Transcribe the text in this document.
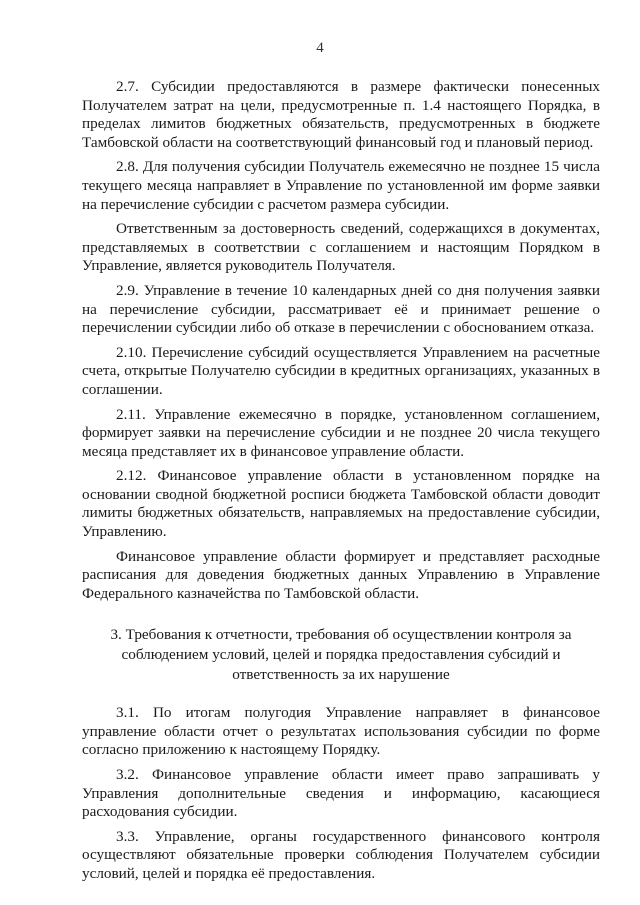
4

2.7. Субсидии предоставляются в размере фактически понесенных Получателем затрат на цели, предусмотренные п. 1.4 настоящего Порядка, в пределах лимитов бюджетных обязательств, предусмотренных в бюджете Тамбовской области на соответствующий финансовый год и плановый период.

2.8. Для получения субсидии Получатель ежемесячно не позднее 15 числа текущего месяца направляет в Управление по установленной им форме заявки на перечисление субсидии с расчетом размера субсидии.

Ответственным за достоверность сведений, содержащихся в документах, представляемых в соответствии с соглашением и настоящим Порядком в Управление, является руководитель Получателя.

2.9. Управление в течение 10 календарных дней со дня получения заявки на перечисление субсидии, рассматривает её и принимает решение о перечислении субсидии либо об отказе в перечислении с обоснованием отказа.

2.10. Перечисление субсидий осуществляется Управлением на расчетные счета, открытые Получателю субсидии в кредитных организациях, указанных в соглашении.

2.11. Управление ежемесячно в порядке, установленном соглашением, формирует заявки на перечисление субсидии и не позднее 20 числа текущего месяца представляет их в финансовое управление области.

2.12. Финансовое управление области в установленном порядке на основании сводной бюджетной росписи бюджета Тамбовской области доводит лимиты бюджетных обязательств, направляемых на предоставление субсидии, Управлению.

Финансовое управление области формирует и представляет расходные расписания для доведения бюджетных данных Управлению в Управление Федерального казначейства по Тамбовской области.

3. Требования к отчетности, требования об осуществлении контроля за
соблюдением условий, целей и порядка предоставления субсидий и
ответственность за их нарушение

3.1. По итогам полугодия Управление направляет в финансовое управление области отчет о результатах использования субсидии по форме согласно приложению к настоящему Порядку.

3.2. Финансовое управление области имеет право запрашивать у Управления дополнительные сведения и информацию, касающиеся расходования субсидии.

3.3. Управление, органы государственного финансового контроля осуществляют обязательные проверки соблюдения Получателем субсидии условий, целей и порядка её предоставления.
